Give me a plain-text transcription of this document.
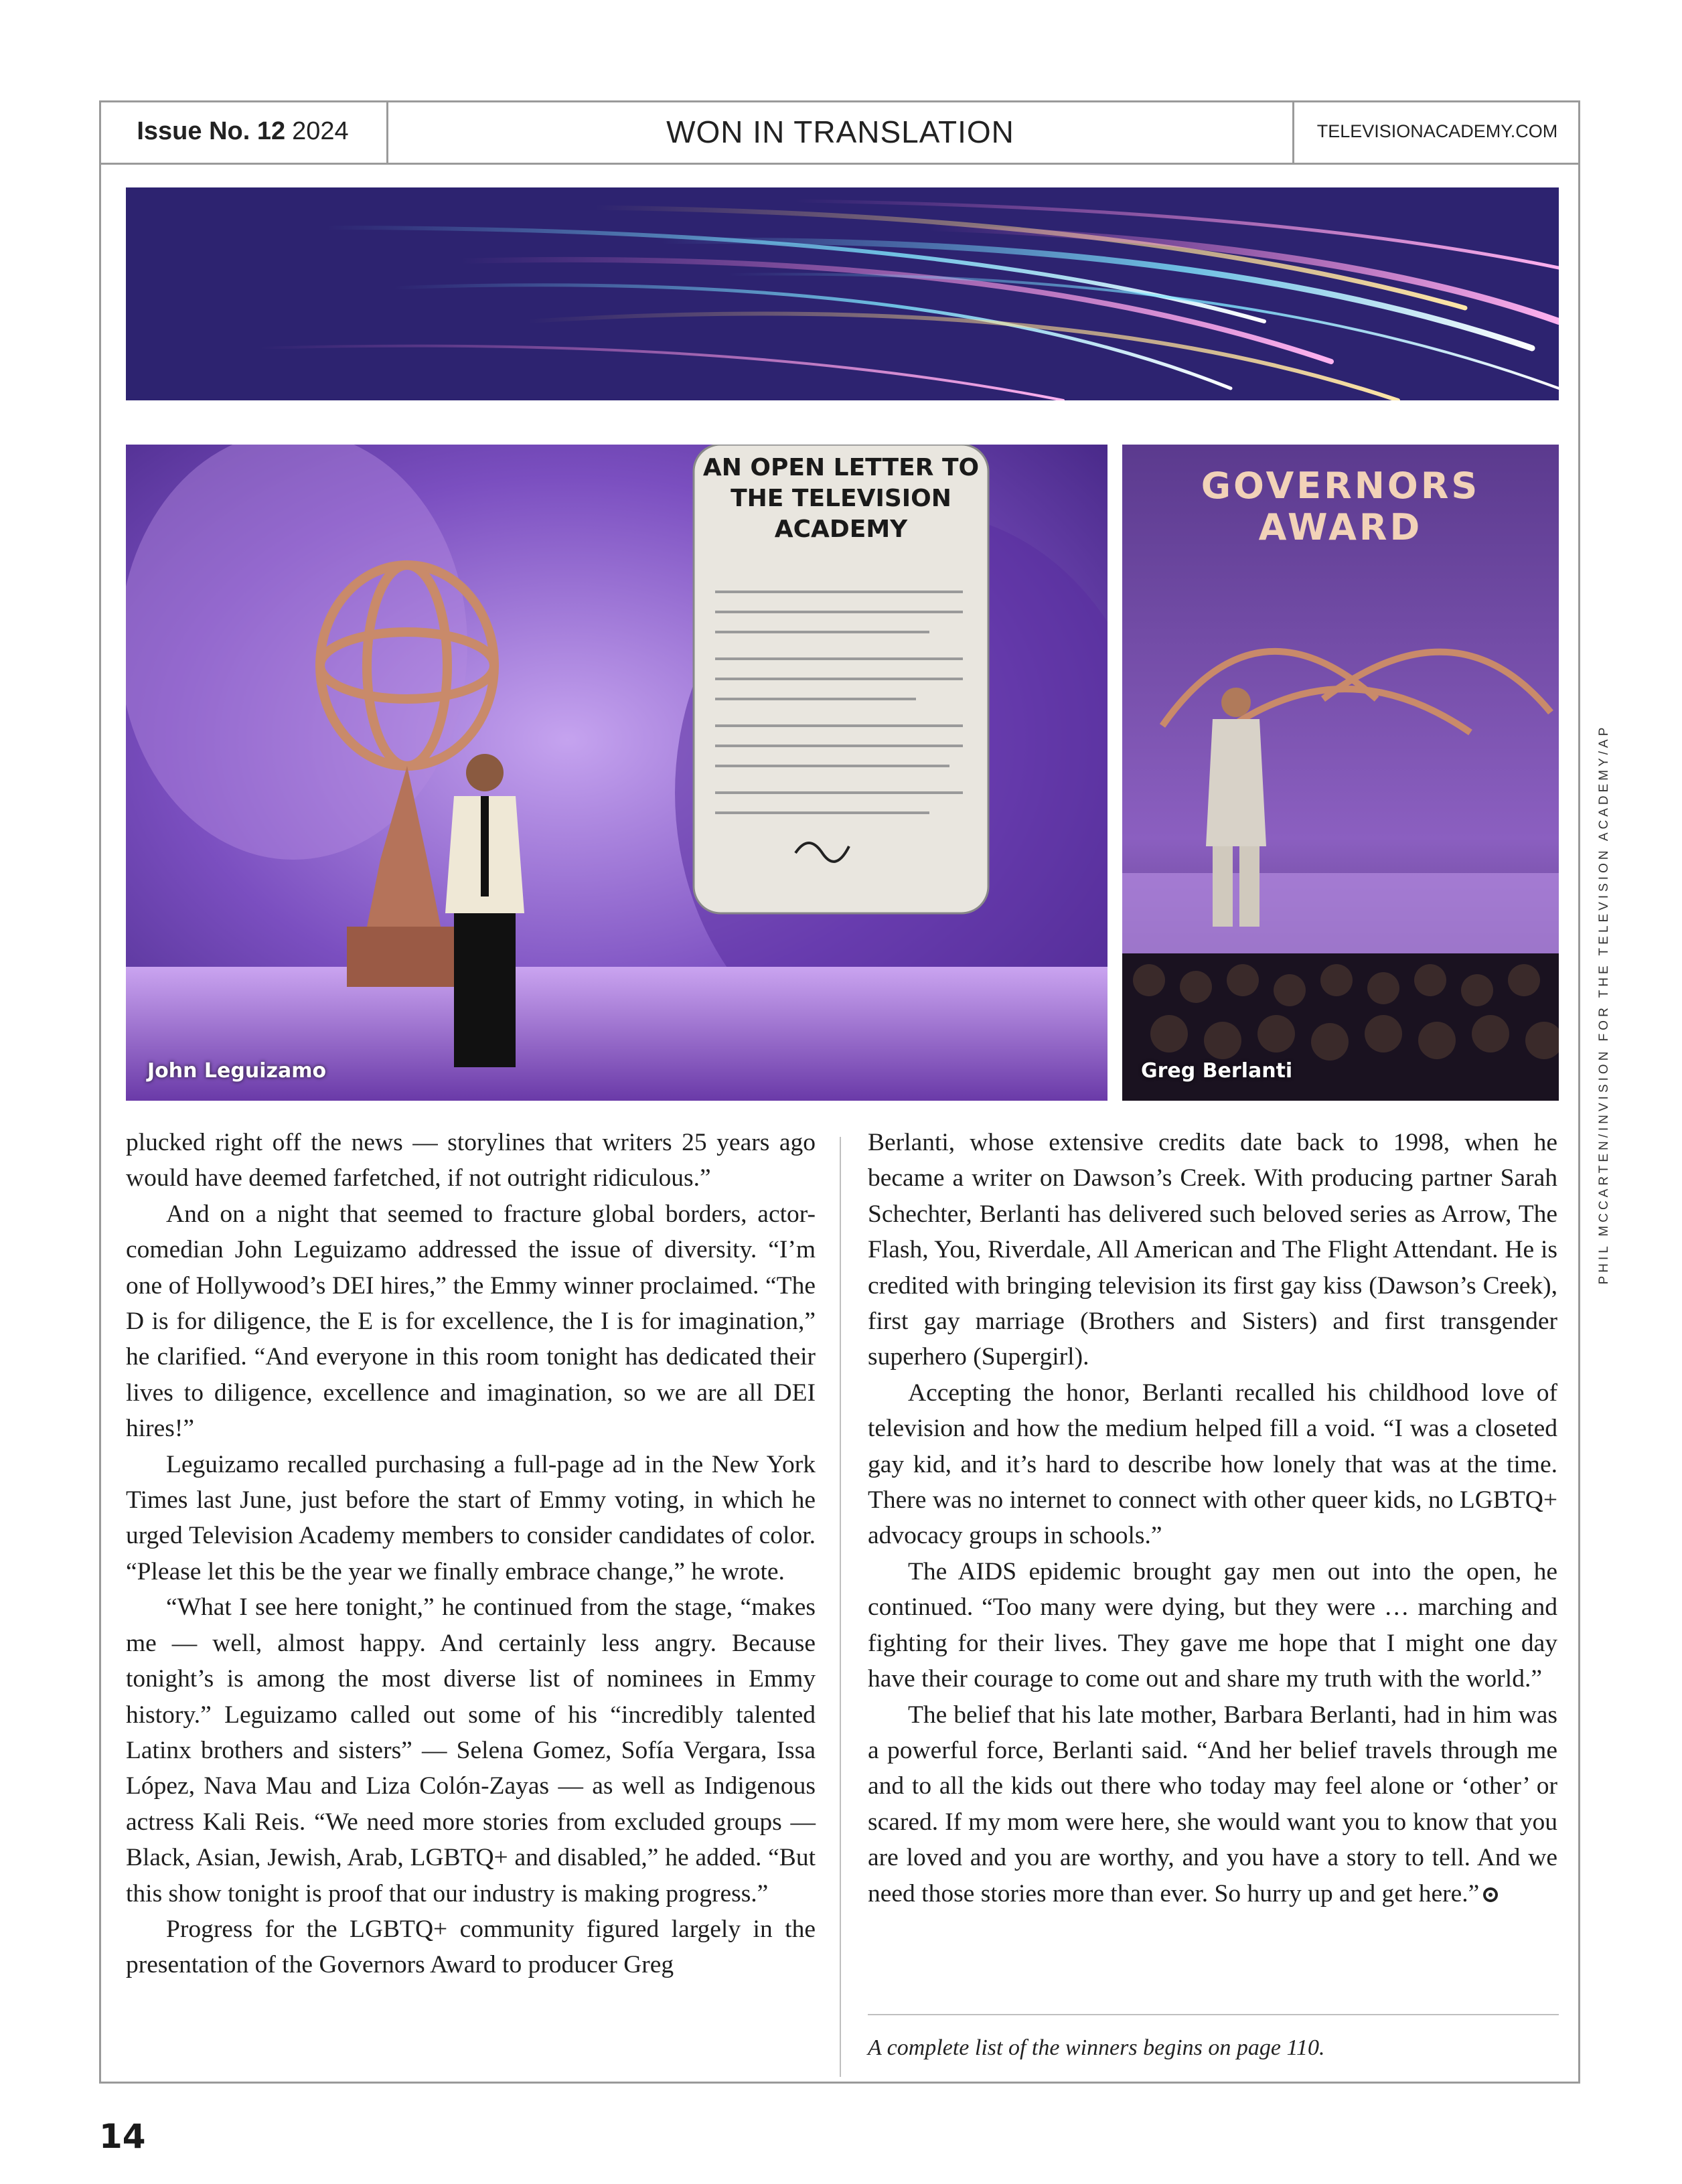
Issue No. 12 2024	WON IN TRANSLATION	TELEVISIONACADEMY.COM
AN OPEN LETTER TO
THE TELEVISION
ACADEMY
John Leguizamo
GOVERNORS
AWARD
Greg Berlanti	PHIL MCCARTEN/INVISION FOR THE TELEVISION ACADEMY/AP

plucked right off the news — storylines that writers 25 years ago would have deemed farfetched, if not outright ridiculous.”

And on a night that seemed to fracture global borders, actor-comedian John Leguizamo addressed the issue of diversity. “I’m one of Hollywood’s DEI hires,” the Emmy winner proclaimed. “The D is for diligence, the E is for excellence, the I is for imagination,” he clarified. “And everyone in this room tonight has dedicated their lives to diligence, excellence and imagination, so we are all DEI hires!”

Leguizamo recalled purchasing a full-page ad in the New York Times last June, just before the start of Emmy voting, in which he urged Television Academy members to consider candidates of color. “Please let this be the year we finally embrace change,” he wrote.

“What I see here tonight,” he continued from the stage, “makes me — well, almost happy. And certainly less angry. Because tonight’s is among the most diverse list of nominees in Emmy history.” Leguizamo called out some of his “incredibly talented Latinx brothers and sisters” — Selena Gomez, Sofía Vergara, Issa López, Nava Mau and Liza Colón-Zayas — as well as Indigenous actress Kali Reis. “We need more stories from excluded groups — Black, Asian, Jewish, Arab, LGBTQ+ and disabled,” he added. “But this show tonight is proof that our industry is making progress.”

Progress for the LGBTQ+ community figured largely in the presentation of the Governors Award to producer Greg

Berlanti, whose extensive credits date back to 1998, when he became a writer on Dawson’s Creek. With producing partner Sarah Schechter, Berlanti has delivered such beloved series as Arrow, The Flash, You, Riverdale, All American and The Flight Attendant. He is credited with bringing television its first gay kiss (Dawson’s Creek), first gay marriage (Brothers and Sisters) and first transgender superhero (Supergirl).

Accepting the honor, Berlanti recalled his childhood love of television and how the medium helped fill a void. “I was a closeted gay kid, and it’s hard to describe how lonely that was at the time. There was no internet to connect with other queer kids, no LGBTQ+ advocacy groups in schools.”

The AIDS epidemic brought gay men out into the open, he continued. “Too many were dying, but they were … marching and fighting for their lives. They gave me hope that I might one day have their courage to come out and share my truth with the world.”

The belief that his late mother, Barbara Berlanti, had in him was a powerful force, Berlanti said. “And her belief travels through me and to all the kids out there who today may feel alone or ‘other’ or scared. If my mom were here, she would want you to know that you are loved and you are worthy, and you have a story to tell. And we need those stories more than ever. So hurry up and get here.”

A complete list of the winners begins on page 110.
14
